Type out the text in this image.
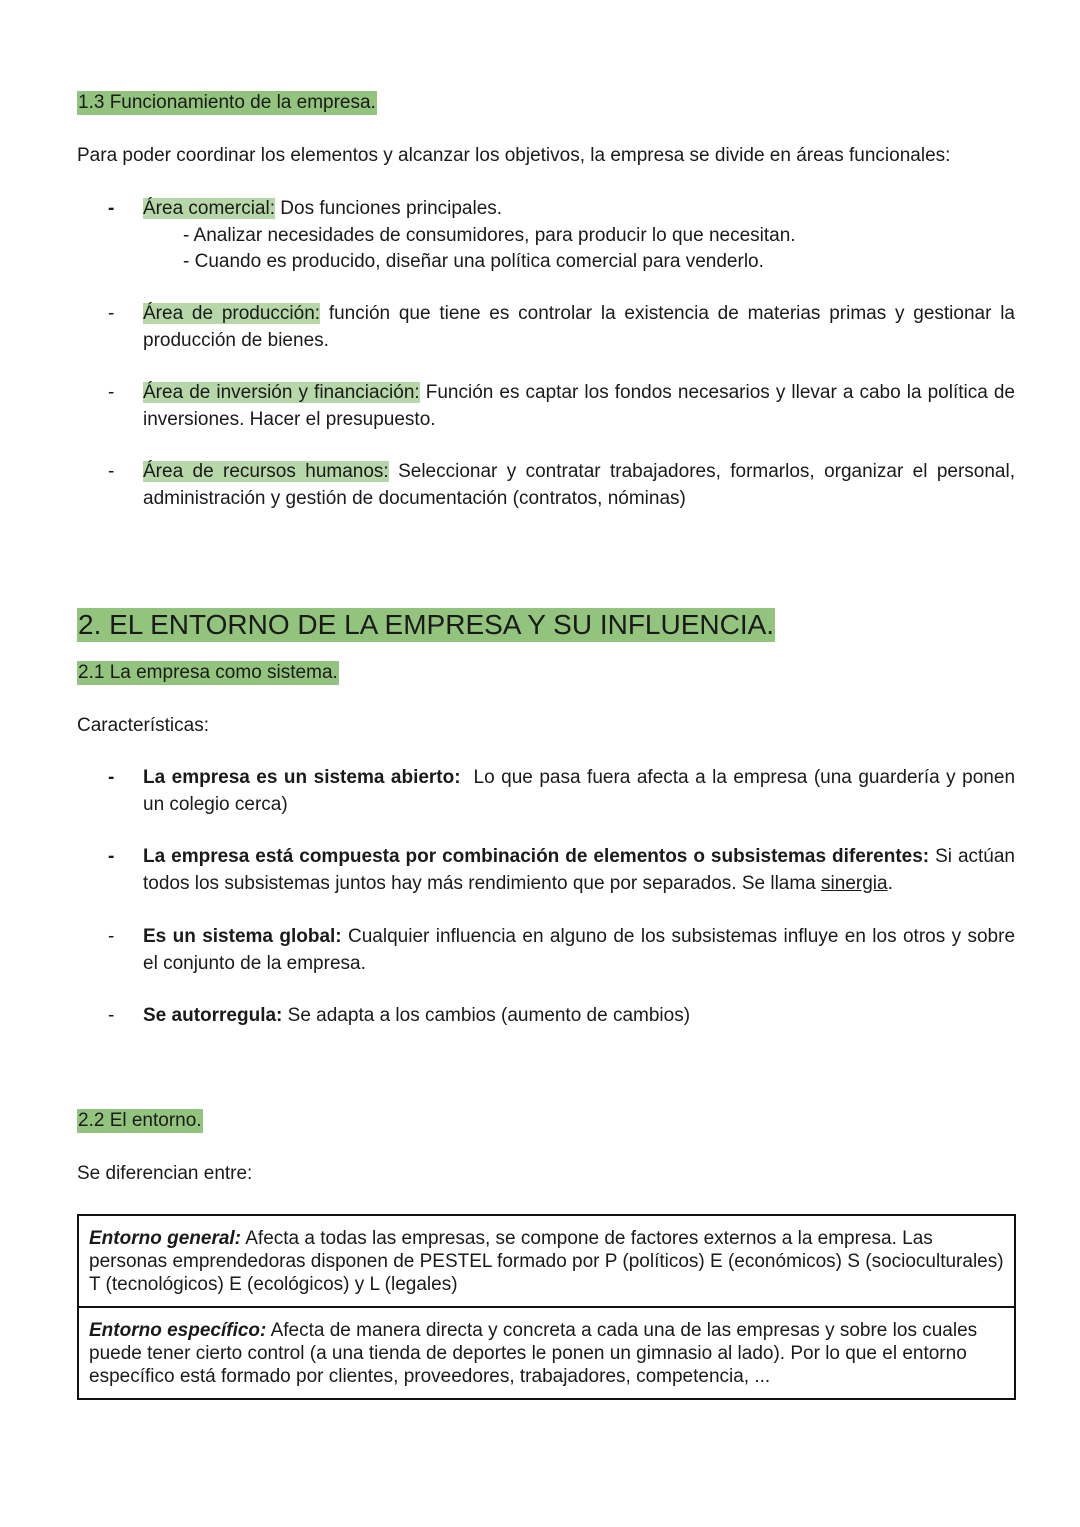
1.3 Funcionamiento de la empresa.
Para poder coordinar los elementos y alcanzar los objetivos, la empresa se divide en áreas funcionales:
-	Área comercial: Dos funciones principales.
- Analizar necesidades de consumidores, para producir lo que necesitan.
- Cuando es producido, diseñar una política comercial para venderlo.
-	Área de producción: función que tiene es controlar la existencia de materias primas y gestionar la producción de bienes.
-	Área de inversión y financiación: Función es captar los fondos necesarios y llevar a cabo la política de inversiones. Hacer el presupuesto.
-	Área de recursos humanos: Seleccionar y contratar trabajadores, formarlos, organizar el personal, administración y gestión de documentación (contratos, nóminas)
2. EL ENTORNO DE LA EMPRESA Y SU INFLUENCIA.
2.1 La empresa como sistema.
Características:
-	La empresa es un sistema abierto:  Lo que pasa fuera afecta a la empresa (una guardería y ponen un colegio cerca)
-	La empresa está compuesta por combinación de elementos o subsistemas diferentes: Si actúan todos los subsistemas juntos hay más rendimiento que por separados. Se llama sinergia.
-	Es un sistema global: Cualquier influencia en alguno de los subsistemas influye en los otros y sobre el conjunto de la empresa.
-	Se autorregula: Se adapta a los cambios (aumento de cambios)
2.2 El entorno.
Se diferencian entre:
Entorno general: Afecta a todas las empresas, se compone de factores externos a la empresa. Las personas emprendedoras disponen de PESTEL formado por P (políticos) E (económicos) S (socioculturales) T (tecnológicos) E (ecológicos) y L (legales)
Entorno específico: Afecta de manera directa y concreta a cada una de las empresas y sobre los cuales puede tener cierto control (a una tienda de deportes le ponen un gimnasio al lado). Por lo que el entorno específico está formado por clientes, proveedores, trabajadores, competencia, ...
